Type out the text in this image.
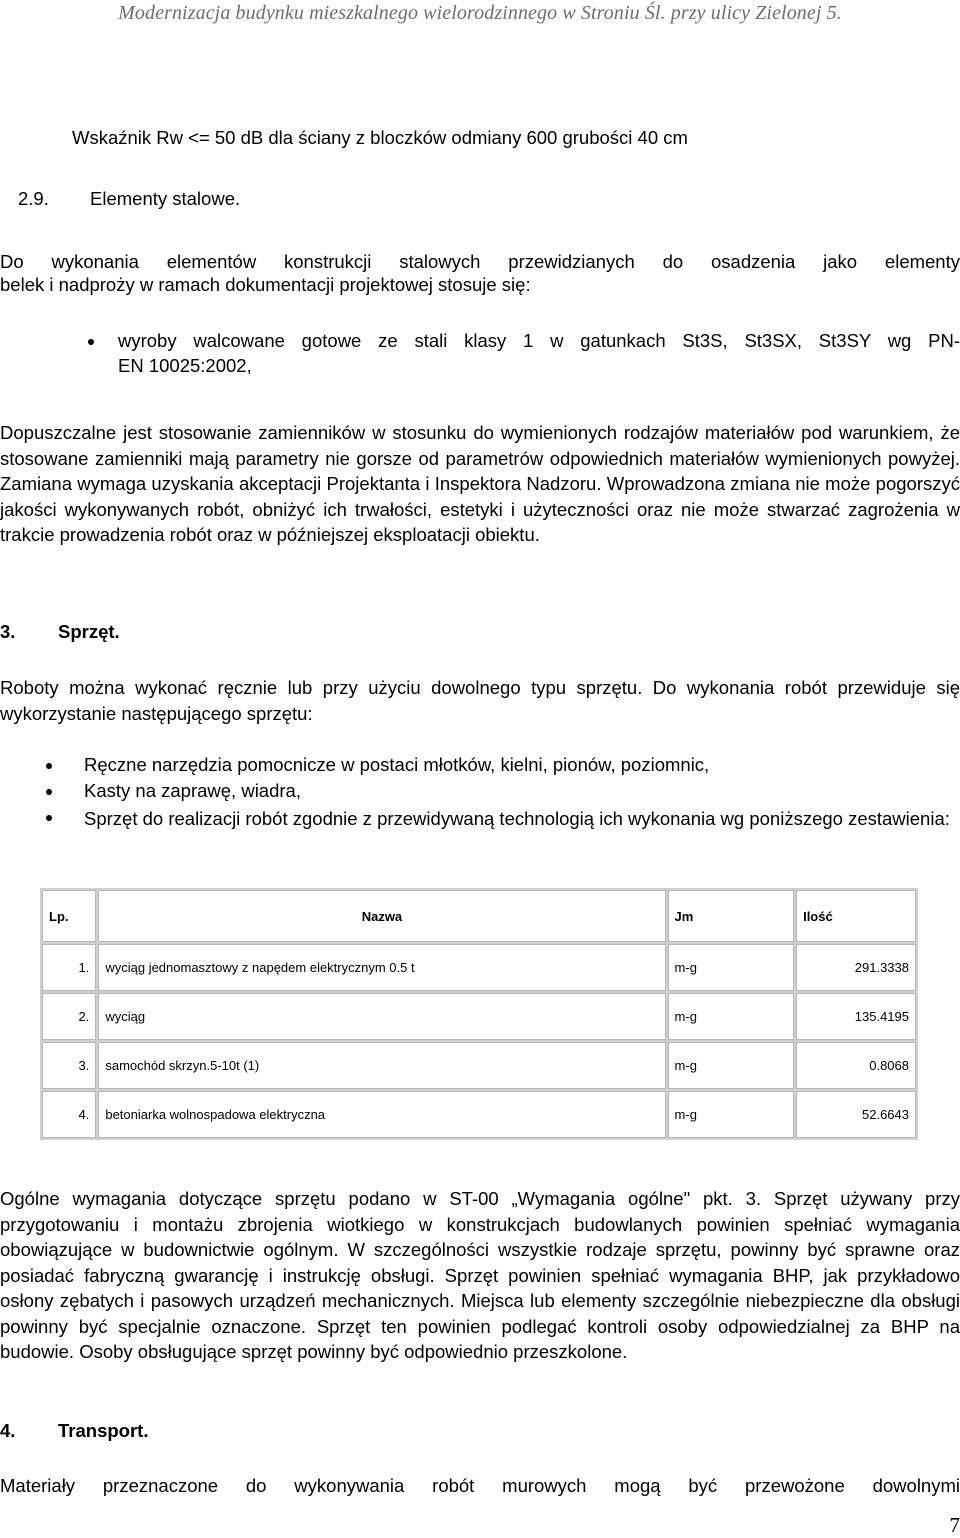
Modernizacja budynku mieszkalnego wielorodzinnego w Stroniu Śl. przy ulicy Zielonej 5.
Wskaźnik Rw <= 50 dB dla ściany z bloczków odmiany 600 grubości 40 cm
2.9. Elementy stalowe.
Do wykonania elementów konstrukcji stalowych przewidzianych do osadzenia jako elementy
belek i nadproży w ramach dokumentacji projektowej stosuje się:
wyroby walcowane gotowe ze stali klasy 1 w gatunkach St3S, St3SX, St3SY wg PN-
EN 10025:2002,
Dopuszczalne jest stosowanie zamienników w stosunku do wymienionych rodzajów materiałów pod warunkiem, że stosowane zamienniki mają parametry nie gorsze od parametrów odpowiednich materiałów wymienionych powyżej. Zamiana wymaga uzyskania akceptacji Projektanta i Inspektora Nadzoru. Wprowadzona zmiana nie może pogorszyć jakości wykonywanych robót, obniżyć ich trwałości, estetyki i użyteczności oraz nie może stwarzać zagrożenia w trakcie prowadzenia robót oraz w późniejszej eksploatacji obiektu.
3. Sprzęt.
Roboty można wykonać ręcznie lub przy użyciu dowolnego typu sprzętu. Do wykonania robót przewiduje się wykorzystanie następującego sprzętu:
Ręczne narzędzia pomocnicze w postaci młotków, kielni, pionów, poziomnic,
Kasty na zaprawę, wiadra,
Sprzęt do realizacji robót zgodnie z przewidywaną technologią ich wykonania wg poniższego zestawienia:
Lp.	Nazwa	Jm	Ilość
1.	wyciąg jednomasztowy z napędem elektrycznym 0.5 t	m-g	291.3338
2.	wyciąg	m-g	135.4195
3.	samochód skrzyn.5-10t (1)	m-g	0.8068
4.	betoniarka wolnospadowa elektryczna	m-g	52.6643
Ogólne wymagania dotyczące sprzętu podano w ST-00 „Wymagania ogólne" pkt. 3. Sprzęt używany przy przygotowaniu i montażu zbrojenia wiotkiego w konstrukcjach budowlanych powinien spełniać wymagania obowiązujące w budownictwie ogólnym. W szczególności wszystkie rodzaje sprzętu, powinny być sprawne oraz posiadać fabryczną gwarancję i instrukcję obsługi. Sprzęt powinien spełniać wymagania BHP, jak przykładowo osłony zębatych i pasowych urządzeń mechanicznych. Miejsca lub elementy szczególnie niebezpieczne dla obsługi powinny być specjalnie oznaczone. Sprzęt ten powinien podlegać kontroli osoby odpowiedzialnej za BHP na budowie. Osoby obsługujące sprzęt powinny być odpowiednio przeszkolone.
4. Transport.
Materiały przeznaczone do wykonywania robót murowych mogą być przewożone dowolnymi
7
